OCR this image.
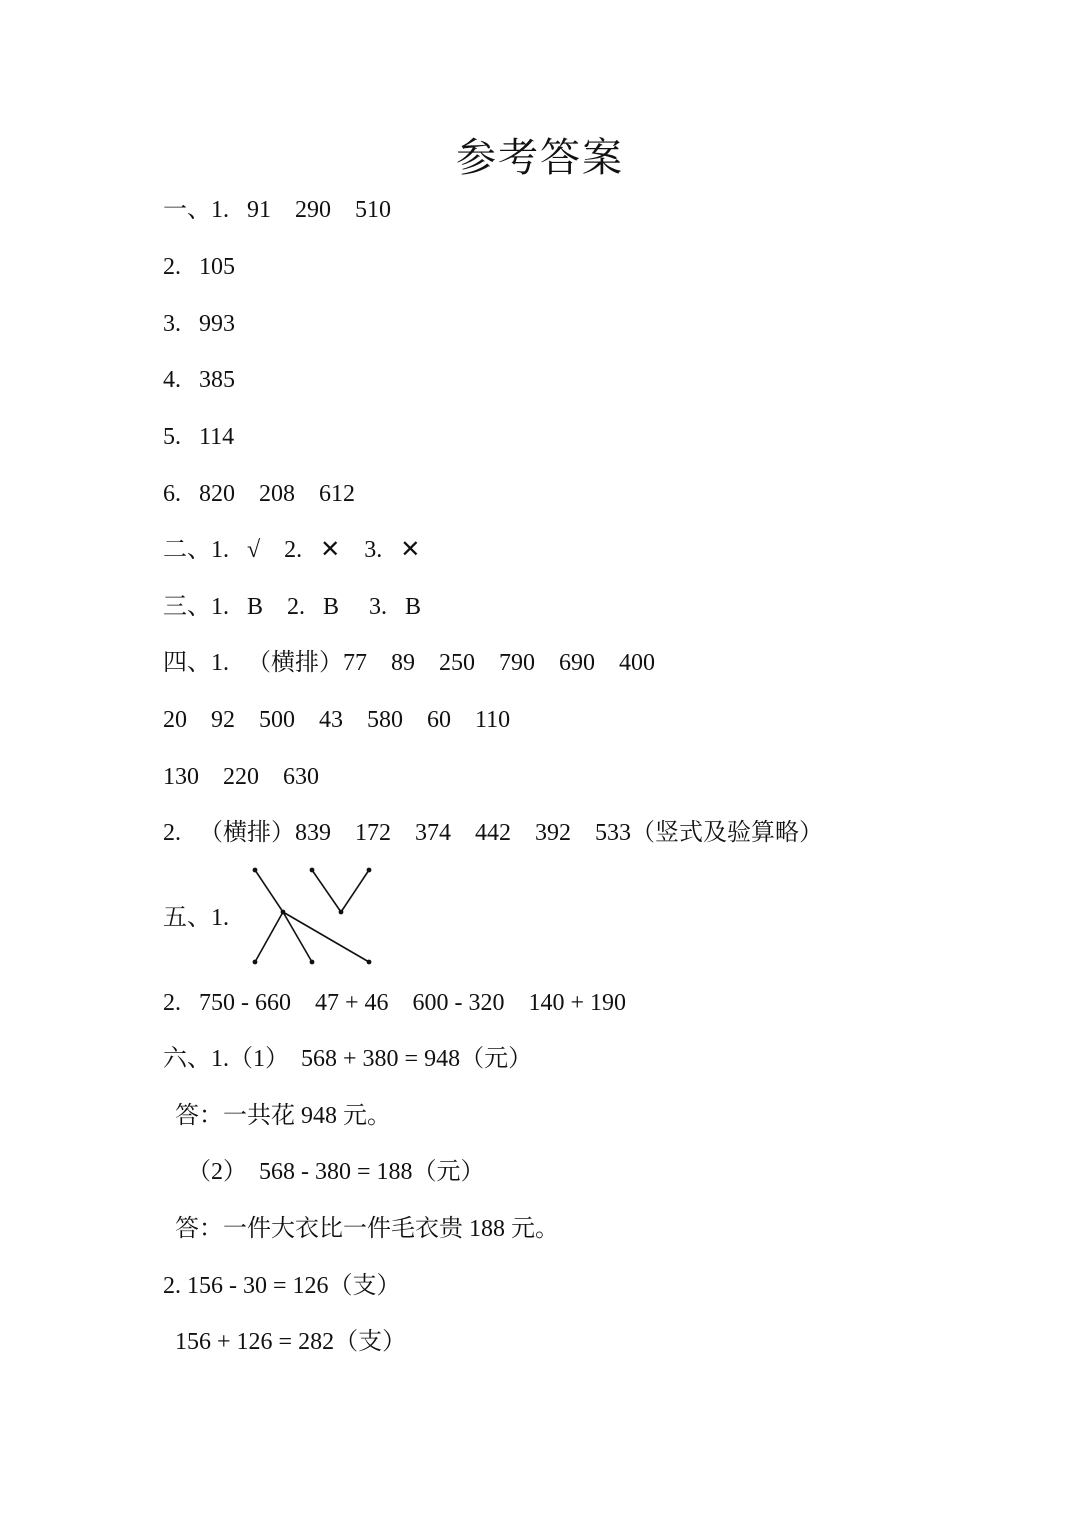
参考答案
一、1.   91    290    510
2.   105
3.   993
4.   385
5.   114
6.   820    208    612
二、1.   √    2.   ✕    3.   ✕
三、1.   B    2.   B     3.   B
四、1.   （横排）77    89    250    790    690    400
20    92    500    43    580    60    110
130    220    630
2.   （横排）839    172    374    442    392    533（竖式及验算略）
五、1.
2.   750 - 660    47 + 46    600 - 320    140 + 190
六、1.（1）  568 + 380 = 948（元）
答：一共花 948 元。
（2）  568 - 380 = 188（元）
答：一件大衣比一件毛衣贵 188 元。
2. 156 - 30 = 126（支）
156 + 126 = 282（支）
